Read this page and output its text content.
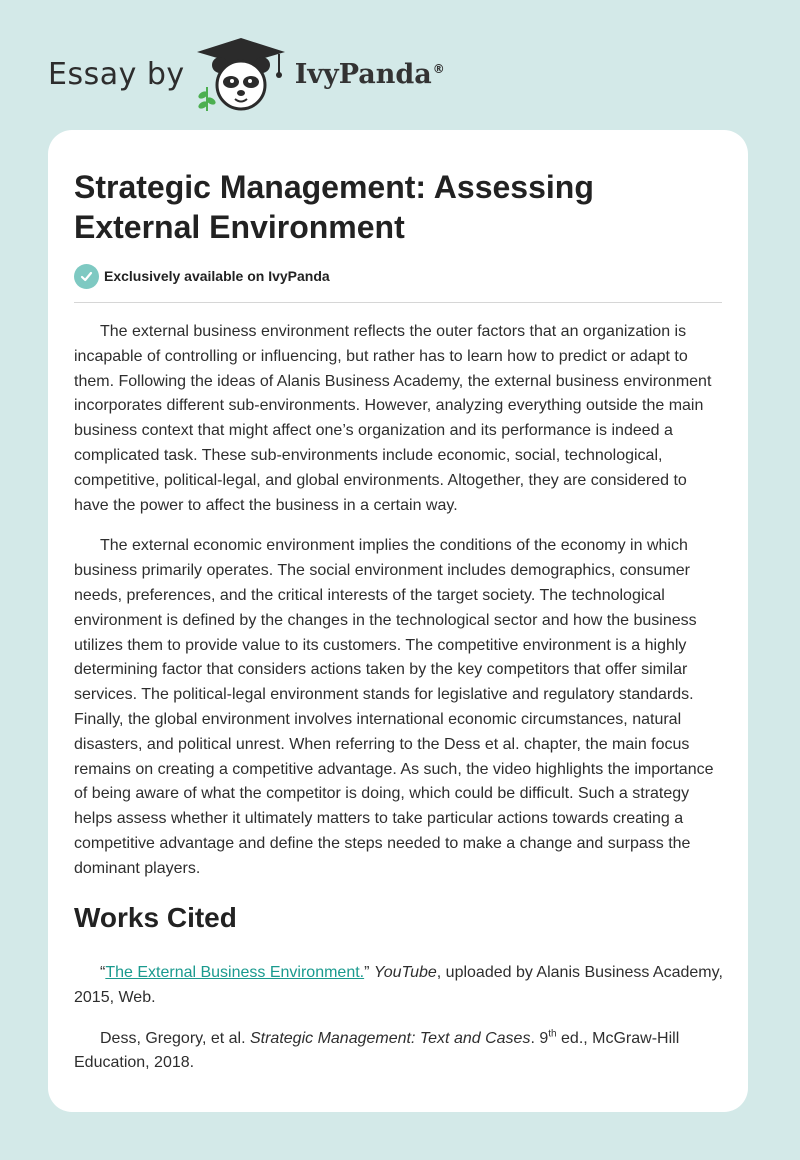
Essay by	IvyPanda®
Strategic Management: Assessing External Environment
Exclusively available on IvyPanda

The external business environment reflects the outer factors that an organization is incapable of controlling or influencing, but rather has to learn how to predict or adapt to them. Following the ideas of Alanis Business Academy, the external business environment incorporates different sub-environments. However, analyzing everything outside the main business context that might affect one’s organization and its performance is indeed a complicated task. These sub-environments include economic, social, technological, competitive, political-legal, and global environments. Altogether, they are considered to have the power to affect the business in a certain way.

The external economic environment implies the conditions of the economy in which business primarily operates. The social environment includes demographics, consumer needs, preferences, and the critical interests of the target society. The technological environment is defined by the changes in the technological sector and how the business utilizes them to provide value to its customers. The competitive environment is a highly determining factor that considers actions taken by the key competitors that offer similar services. The political-legal environment stands for legislative and regulatory standards. Finally, the global environment involves international economic circumstances, natural disasters, and political unrest. When referring to the Dess et al. chapter, the main focus remains on creating a competitive advantage. As such, the video highlights the importance of being aware of what the competitor is doing, which could be difficult. Such a strategy helps assess whether it ultimately matters to take particular actions towards creating a competitive advantage and define the steps needed to make a change and surpass the dominant players.

Works Cited

“The External Business Environment.” YouTube, uploaded by Alanis Business Academy, 2015, Web.

Dess, Gregory, et al. Strategic Management: Text and Cases. 9th ed., McGraw-Hill Education, 2018.
